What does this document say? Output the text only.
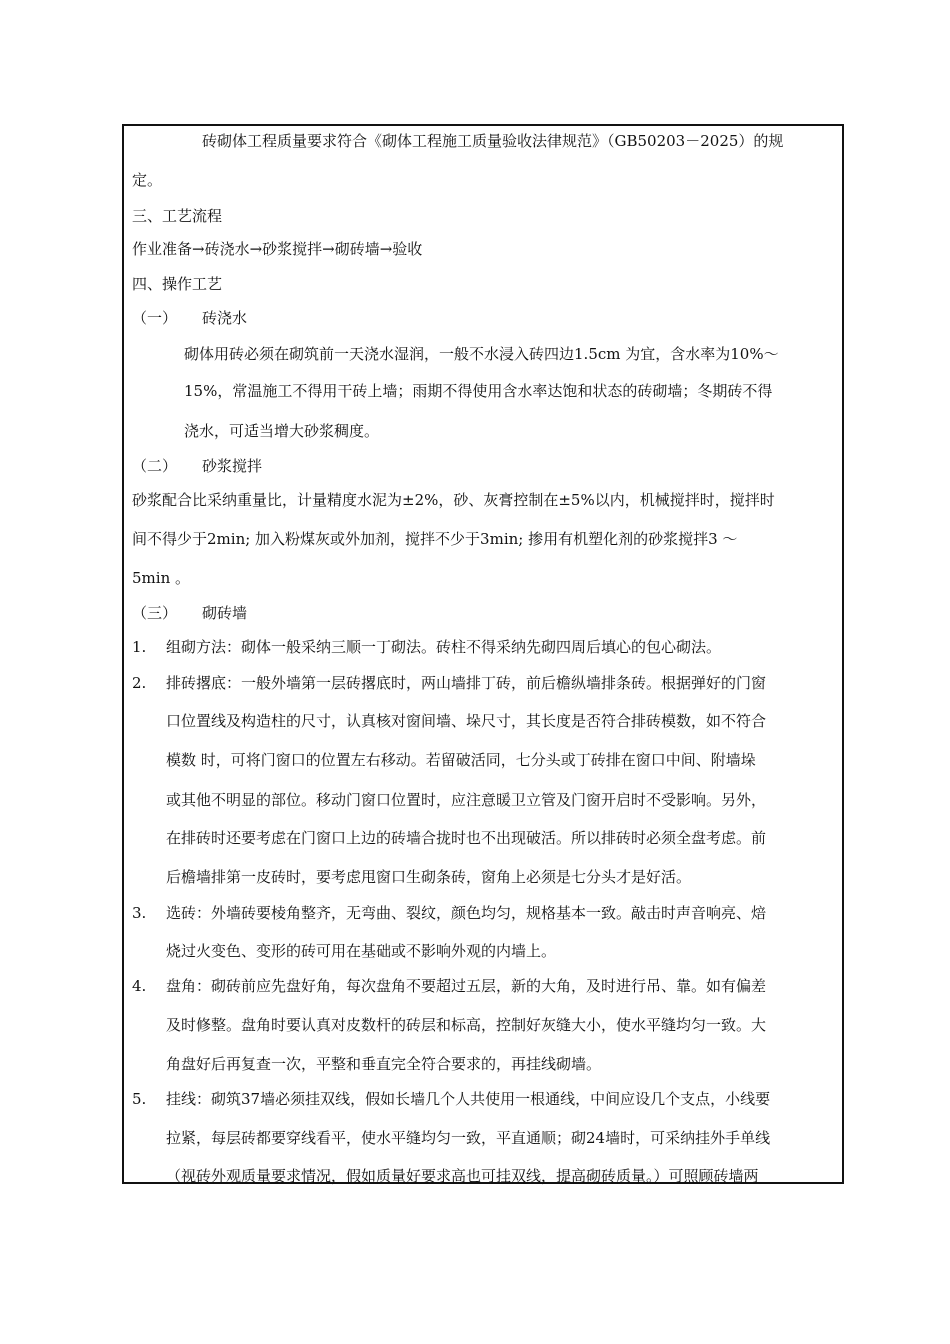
砖砌体工程质量要求符合《砌体工程施工质量验收法律规范》（GB50203－2025）的规
定。
三、工艺流程
作业准备→砖浇水→砂浆搅拌→砌砖墙→验收
四、操作工艺
（一） 砖浇水
砌体用砖必须在砌筑前一天浇水湿润，一般不水浸入砖四边1.5cm 为宜，含水率为10%～
15%，常温施工不得用干砖上墙；雨期不得使用含水率达饱和状态的砖砌墙；冬期砖不得
浇水，可适当增大砂浆稠度。
（二） 砂浆搅拌
砂浆配合比采纳重量比，计量精度水泥为±2%，砂、灰膏控制在±5%以内，机械搅拌时，搅拌时
间不得少于2min; 加入粉煤灰或外加剂，搅拌不少于3min; 掺用有机塑化剂的砂浆搅拌3 ～
5min 。
（三） 砌砖墙
1. 组砌方法：砌体一般采纳三顺一丁砌法。砖柱不得采纳先砌四周后填心的包心砌法。
2. 排砖撂底：一般外墙第一层砖撂底时，两山墙排丁砖，前后檐纵墙排条砖。根据弹好的门窗
口位置线及构造柱的尺寸，认真核对窗间墙、垛尺寸，其长度是否符合排砖模数，如不符合
模数 时，可将门窗口的位置左右移动。若留破活同，七分头或丁砖排在窗口中间、附墙垛
或其他不明显的部位。移动门窗口位置时，应注意暖卫立管及门窗开启时不受影响。另外，
在排砖时还要考虑在门窗口上边的砖墙合拢时也不出现破活。所以排砖时必须全盘考虑。前
后檐墙排第一皮砖时，要考虑甩窗口生砌条砖，窗角上必须是七分头才是好活。
3. 选砖：外墙砖要棱角整齐，无弯曲、裂纹，颜色均匀，规格基本一致。敲击时声音响亮、焙
烧过火变色、变形的砖可用在基础或不影响外观的内墙上。
4. 盘角：砌砖前应先盘好角，每次盘角不要超过五层，新的大角，及时进行吊、靠。如有偏差
及时修整。盘角时要认真对皮数杆的砖层和标高，控制好灰缝大小，使水平缝均匀一致。大
角盘好后再复查一次，平整和垂直完全符合要求的，再挂线砌墙。
5. 挂线：砌筑37墙必须挂双线，假如长墙几个人共使用一根通线，中间应设几个支点，小线要
拉紧，每层砖都要穿线看平，使水平缝均匀一致，平直通顺；砌24墙时，可采纳挂外手单线
（视砖外观质量要求情况，假如质量好要求高也可挂双线，提高砌砖质量。）可照顾砖墙两
